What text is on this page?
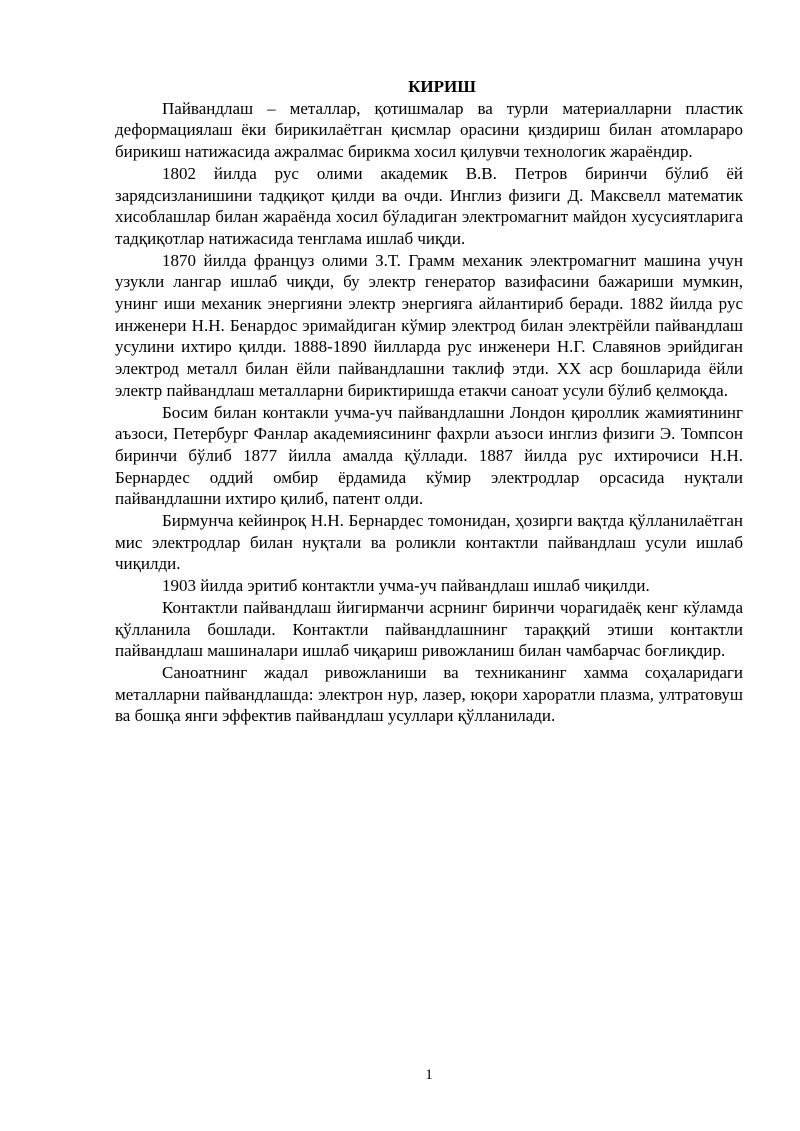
КИРИШ

Пайвандлаш – металлар, қотишмалар ва турли материалларни пластик деформациялаш ёки бирикилаётган қисмлар орасини қиздириш билан атомлараро бирикиш натижасида ажралмас бирикма хосил қилувчи технологик жараёндир.

1802 йилда рус олими академик В.В. Петров биринчи бўлиб ёй зарядсизланишини тадқиқот қилди ва очди. Инглиз физиги Д. Максвелл математик хисоблашлар билан жараёнда хосил бўладиган электромагнит майдон хусусиятларига тадқиқотлар натижасида тенглама ишлаб чиқди.

1870 йилда француз олими З.Т. Грамм механик электромагнит машина учун узукли лангар ишлаб чиқди, бу электр генератор вазифасини бажариши мумкин, унинг иши механик энергияни электр энергияга айлантириб беради. 1882 йилда рус инженери Н.Н. Бенардос эримайдиган кўмир электрод билан электрёйли пайвандлаш усулини ихтиро қилди. 1888-1890 йилларда рус инженери Н.Г. Славянов эрийдиган электрод металл билан ёйли пайвандлашни таклиф этди. XX аср бошларида ёйли электр пайвандлаш металларни бириктиришда етакчи саноат усули бўлиб қелмоқда.

Босим билан контакли учма-уч пайвандлашни Лондон қироллик жамиятининг аъзоси, Петербург Фанлар академиясининг фахрли аъзоси инглиз физиги Э. Томпсон биринчи бўлиб 1877 йилла амалда қўллади. 1887 йилда рус ихтирочиси Н.Н. Бернардес оддий омбир ёрдамида кўмир электродлар орсасида нуқтали пайвандлашни ихтиро қилиб, патент олди.

Бирмунча кейинроқ Н.Н. Бернардес томонидан, ҳозирги вақтда қўлланилаётган мис электродлар билан нуқтали ва роликли контактли пайвандлаш усули ишлаб чиқилди.

1903 йилда эритиб контактли учма-уч пайвандлаш ишлаб чиқилди.

Контактли пайвандлаш йигирманчи асрнинг биринчи чорагидаёқ кенг кўламда қўлланила бошлади. Контактли пайвандлашнинг тараққий этиши контактли пайвандлаш машиналари ишлаб чиқариш ривожланиш билан чамбарчас боғлиқдир.

Саноатнинг жадал ривожланиши ва техниканинг хамма соҳаларидаги металларни пайвандлашда: электрон нур, лазер, юқори хароратли плазма, ултратовуш ва бошқа янги эффектив пайвандлаш усуллари қўлланилади.

1
